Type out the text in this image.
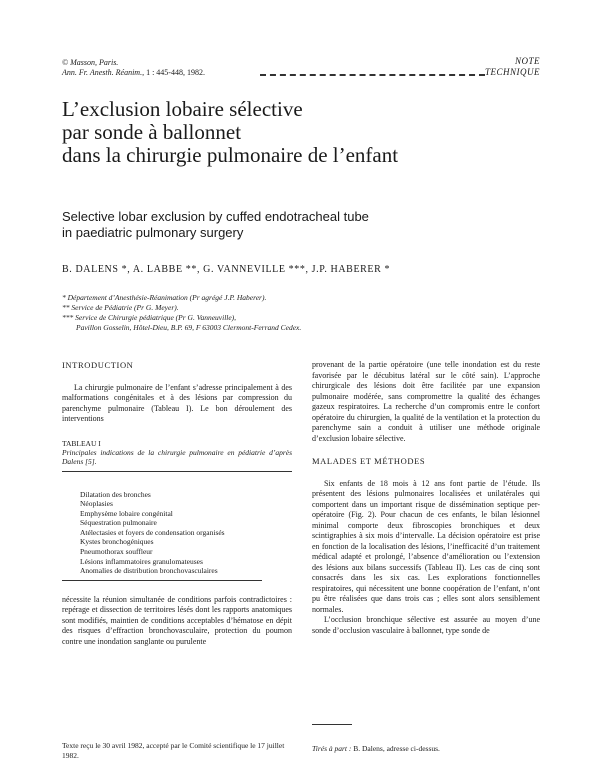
© Masson, Paris.
Ann. Fr. Anesth. Réanim., 1 : 445-448, 1982.
NOTE
TECHNIQUE
L’exclusion lobaire sélective
par sonde à ballonnet
dans la chirurgie pulmonaire de l’enfant
Selective lobar exclusion by cuffed endotracheal tube
in paediatric pulmonary surgery
B. DALENS *, A. LABBE **, G. VANNEVILLE ***, J.P. HABERER *
* Département d’Anesthésie-Réanimation (Pr agrégé J.P. Haberer).
** Service de Pédiatrie (Pr G. Meyer).
*** Service de Chirurgie pédiatrique (Pr G. Vanneuville),
Pavillon Gosselin, Hôtel-Dieu, B.P. 69, F 63003 Clermont-Ferrand Cedex.
INTRODUCTION

La chirurgie pulmonaire de l’enfant s’adresse principalement à des malformations congénitales et à des lésions par compression du parenchyme pulmonaire (Tableau I). Le bon déroulement des interventions

TABLEAU I
Principales indications de la chirurgie pulmonaire en pédiatrie d’après Dalens [5].
Dilatation des bronches
Néoplasies
Emphysème lobaire congénital
Séquestration pulmonaire
Atélectasies et foyers de condensation organisés
Kystes bronchogéniques
Pneumothorax souffleur
Lésions inflammatoires granulomateuses
Anomalies de distribution bronchovasculaires

nécessite la réunion simultanée de conditions parfois contradictoires : repérage et dissection de territoires lésés dont les rapports anatomiques sont modifiés, maintien de conditions acceptables d’hématose en dépit des risques d’effraction bronchovasculaire, protection du poumon contre une inondation sanglante ou purulente

provenant de la partie opératoire (une telle inondation est du reste favorisée par le décubitus latéral sur le côté sain). L’approche chirurgicale des lésions doit être facilitée par une expansion pulmonaire modérée, sans compromettre la qualité des échanges gazeux respiratoires. La recherche d’un compromis entre le confort opératoire du chirurgien, la qualité de la ventilation et la protection du parenchyme sain a conduit à utiliser une méthode originale d’exclusion lobaire sélective.

MALADES ET MÉTHODES

Six enfants de 18 mois à 12 ans font partie de l’étude. Ils présentent des lésions pulmonaires localisées et unilatérales qui comportent dans un important risque de dissémination septique per-opératoire (Fig. 2). Pour chacun de ces enfants, le bilan lésionnel minimal comporte deux fibroscopies bronchiques et deux scintigraphies à six mois d’intervalle. La décision opératoire est prise en fonction de la localisation des lésions, l’inefficacité d’un traitement médical adapté et prolongé, l’absence d’amélioration ou l’extension des lésions aux bilans successifs (Tableau II). Les cas de cinq sont consacrés dans les six cas. Les explorations fonctionnelles respiratoires, qui nécessitent une bonne coopération de l’enfant, n’ont pu être réalisées que dans trois cas ; elles sont alors sensiblement normales.

L’occlusion bronchique sélective est assurée au moyen d’une sonde d’occlusion vasculaire à ballonnet, type sonde de

Texte reçu le 30 avril 1982, accepté par le Comité scientifique le 17 juillet 1982.
Tirés à part : B. Dalens, adresse ci-dessus.
